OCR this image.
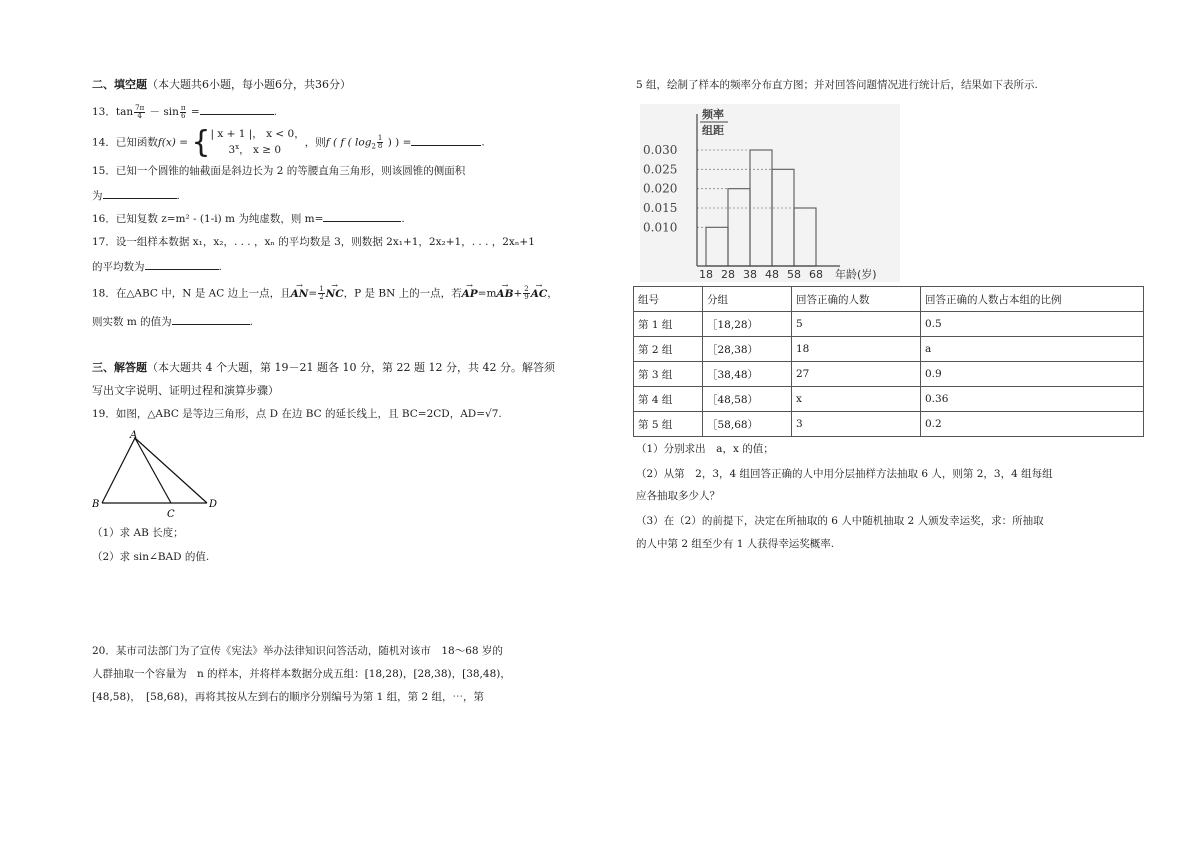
二、填空题（本大题共6小题，每小题6分，共36分）
13．$\tan \frac{7\pi}{4} - \sin \frac{\pi}{6}$ =	.
14．已知函数f(x) = { | x + 1 |， x < 0，
3$^x$， x ≥ 0
，则f ( f ( $\log_2 \frac{1}{8}$ ) ) =	.
15．已知一个圆锥的轴截面是斜边长为 2 的等腰直角三角形，则该圆锥的侧面积
为	.
16．已知复数 z=m² - (1-i) m 为纯虚数，则 m=	.
17．设一组样本数据 x₁，x₂，. . . ，xₙ 的平均数是 3，则数据 2x₁+1，2x₂+1，. . . ，2xₙ+1
的平均数为	.
18．在△ABC 中，N 是 AC 边上一点，且→ $AN= \frac{1}{2}$ → NC，P 是 BN 上的一点，若→ $AP=m\to AB+ \frac{2}{9}$ → AC，
则实数 m 的值为	.
三、解答题（本大题共 4 个大题，第 19－21 题各 10 分，第 22 题 12 分，共 42 分。解答须
写出文字说明、证明过程和演算步骤）
19．如图，△ABC 是等边三角形，点 D 在边 BC 的延长线上，且 BC=2CD，AD=√7.
A
B
C
D
（1）求 AB 长度；
（2）求 sin∠BAD 的值.
20．某市司法部门为了宣传《宪法》举办法律知识问答活动，随机对该市　18～68 岁的
人群抽取一个容量为　n 的样本，并将样本数据分成五组：[18,28)，[28,38)，[38,48)，
[48,58)，　[58,68)，再将其按从左到右的顺序分别编号为第 1 组，第 2 组，⋯，第
5 组，绘制了样本的频率分布直方图；并对回答问题情况进行统计后，结果如下表所示.
频率
组距
年龄(岁)
0.030
0.025
0.020
0.015
0.010
18 28 38 48 58 68
组号	分组	回答正确的人数	回答正确的人数占本组的比例
第 1 组	［18,28）	5	0.5
第 2 组	［28,38）	18	a
第 3 组	［38,48）	27	0.9
第 4 组	［48,58）	x	0.36
第 5 组	［58,68）	3	0.2
（1）分别求出　a，x 的值；
（2）从第　2，3，4 组回答正确的人中用分层抽样方法抽取 6 人，则第 2，3，4 组每组
应各抽取多少人？
（3）在（2）的前提下，决定在所抽取的 6 人中随机抽取 2 人颁发幸运奖，求：所抽取
的人中第 2 组至少有 1 人获得幸运奖概率.
